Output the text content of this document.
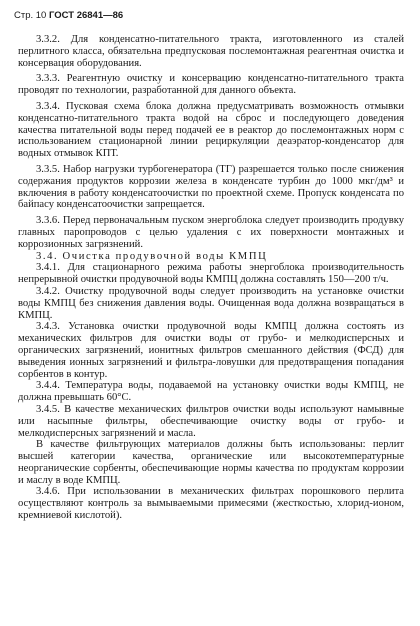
Стр. 10 ГОСТ 26841—86

3.3.2. Для конденсатно-питательного тракта, изготовленного из сталей перлитного класса, обязательна предпусковая послемонтажная реагентная очистка и консервация оборудования.

3.3.3. Реагентную очистку и консервацию конденсатно-питательного тракта проводят по технологии, разработанной для данного объекта.

3.3.4. Пусковая схема блока должна предусматривать возможность отмывки конденсатно-питательного тракта водой на сброс и последующего доведения качества питательной воды перед подачей ее в реактор до послемонтажных норм с использованием стационарной линии рециркуляции деаэратор-конденсатор для водных отмывок КПТ.

3.3.5. Набор нагрузки турбогенератора (ТГ) разрешается только после снижения содержания продуктов коррозии железа в конденсате турбин до 1000 мкг/дм³ и включения в работу конденсатоочистки по проектной схеме. Пропуск конденсата по байпасу конденсатоочистки запрещается.

3.3.6. Перед первоначальным пуском энергоблока следует производить продувку главных паропроводов с целью удаления с их поверхности монтажных и коррозионных загрязнений.

3.4. Очистка продувочной воды КМПЦ

3.4.1. Для стационарного режима работы энергоблока производительность непрерывной очистки продувочной воды КМПЦ должна составлять 150—200 т/ч.

3.4.2. Очистку продувочной воды следует производить на установке очистки воды КМПЦ без снижения давления воды. Очищенная вода должна возвращаться в КМПЦ.

3.4.3. Установка очистки продувочной воды КМПЦ должна состоять из механических фильтров для очистки воды от грубо- и мелкодисперсных и органических загрязнений, ионитных фильтров смешанного действия (ФСД) для выведения ионных загрязнений и фильтра-ловушки для предотвращения попадания сорбентов в контур.

3.4.4. Температура воды, подаваемой на установку очистки воды КМПЦ, не должна превышать 60°С.

3.4.5. В качестве механических фильтров очистки воды используют намывные или насыпные фильтры, обеспечивающие очистку воды от грубо- и мелкодисперсных загрязнений и масла.

В качестве фильтрующих материалов должны быть использованы: перлит высшей категории качества, органические или высокотемпературные неорганические сорбенты, обеспечивающие нормы качества по продуктам коррозии и маслу в воде КМПЦ.

3.4.6. При использовании в механических фильтрах порошкового перлита осуществляют контроль за вымываемыми примесями (жесткостью, хлорид-ионом, кремниевой кислотой).
